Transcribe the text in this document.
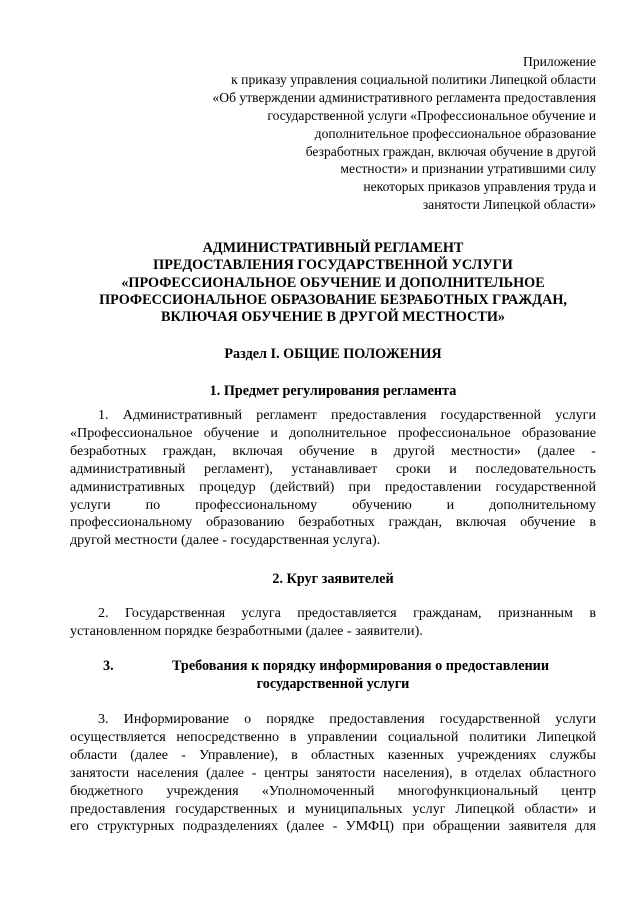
Приложение
к приказу управления социальной политики Липецкой области
«Об утверждении административного регламента предоставления
государственной услуги «Профессиональное обучение и
дополнительное профессиональное образование
безработных граждан, включая обучение в другой
местности» и признании утратившими силу
некоторых приказов управления труда и
занятости Липецкой области»
АДМИНИСТРАТИВНЫЙ РЕГЛАМЕНТ
ПРЕДОСТАВЛЕНИЯ ГОСУДАРСТВЕННОЙ УСЛУГИ
«ПРОФЕССИОНАЛЬНОЕ ОБУЧЕНИЕ И ДОПОЛНИТЕЛЬНОЕ
ПРОФЕССИОНАЛЬНОЕ ОБРАЗОВАНИЕ БЕЗРАБОТНЫХ ГРАЖДАН,
ВКЛЮЧАЯ ОБУЧЕНИЕ В ДРУГОЙ МЕСТНОСТИ»
Раздел I. ОБЩИЕ ПОЛОЖЕНИЯ
1. Предмет регулирования регламента
1. Административный регламент предоставления государственной услуги
«Профессиональное обучение и дополнительное профессиональное образование
безработных граждан, включая обучение в другой местности» (далее -
административный регламент), устанавливает сроки и последовательность
административных процедур (действий) при предоставлении государственной
услуги по профессиональному обучению и дополнительному
профессиональному образованию безработных граждан, включая обучение в
другой местности (далее - государственная услуга).
2. Круг заявителей
2. Государственная услуга предоставляется гражданам, признанным в
установленном порядке безработными (далее - заявители).
3.	Требования к порядку информирования о предоставлении
государственной услуги
3. Информирование о порядке предоставления государственной услуги
осуществляется непосредственно в управлении социальной политики Липецкой
области (далее - Управление), в областных казенных учреждениях службы
занятости населения (далее - центры занятости населения), в отделах областного
бюджетного учреждения «Уполномоченный многофункциональный центр
предоставления государственных и муниципальных услуг Липецкой области» и
его структурных подразделениях (далее - УМФЦ) при обращении заявителя для
